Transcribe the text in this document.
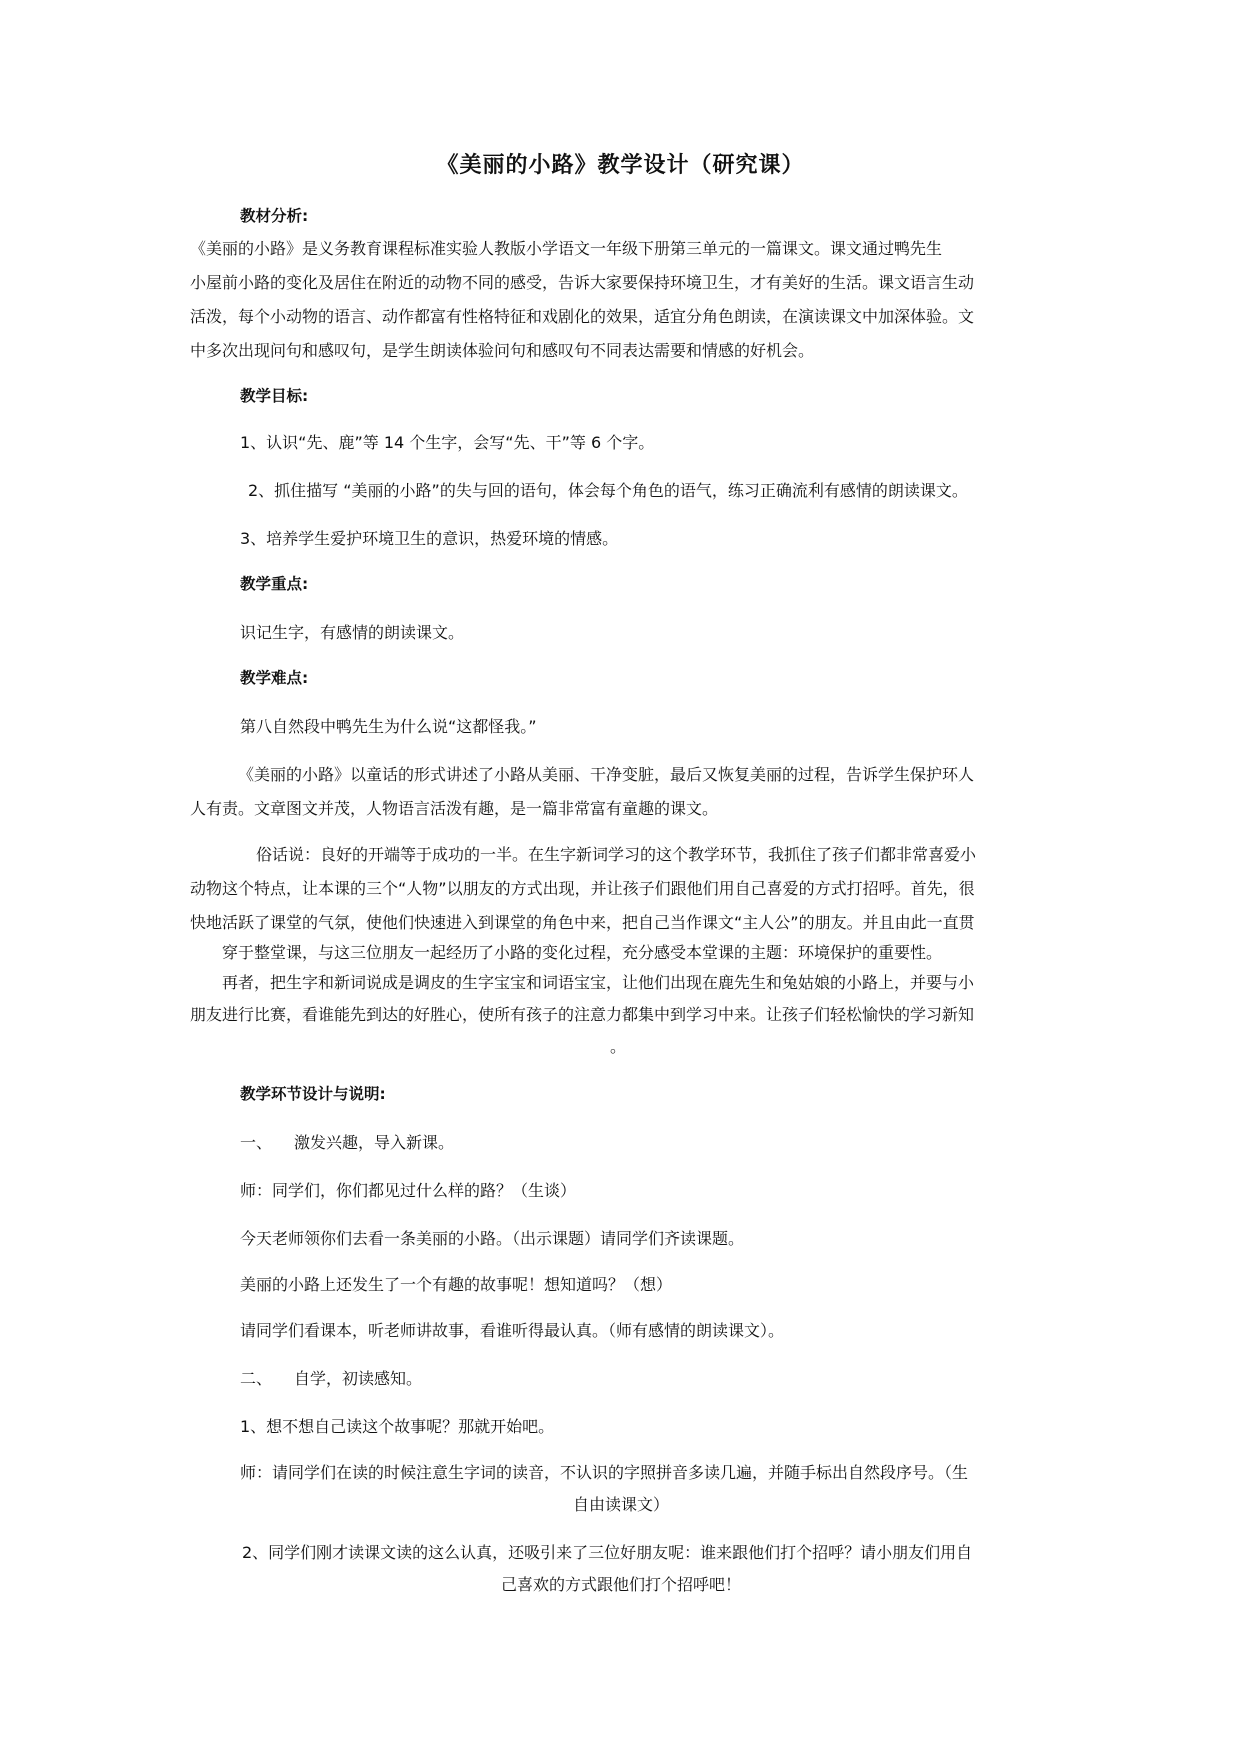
《美丽的小路》教学设计（研究课）
教材分析:
《美丽的小路》是义务教育课程标准实验人教版小学语文一年级下册第三单元的一篇课文。课文通过鸭先生
小屋前小路的变化及居住在附近的动物不同的感受，告诉大家要保持环境卫生，才有美好的生活。课文语言生动
活泼，每个小动物的语言、动作都富有性格特征和戏剧化的效果，适宜分角色朗读，在演读课文中加深体验。文
中多次出现问句和感叹句，是学生朗读体验问句和感叹句不同表达需要和情感的好机会。
教学目标:
1、认识“先、鹿”等 14 个生字，会写“先、干”等 6 个字。
2、抓住描写 “美丽的小路”的失与回的语句，体会每个角色的语气，练习正确流利有感情的朗读课文。
3、培养学生爱护环境卫生的意识，热爱环境的情感。
教学重点:
识记生字，有感情的朗读课文。
教学难点:
第八自然段中鸭先生为什么说“这都怪我。”
《美丽的小路》以童话的形式讲述了小路从美丽、干净变脏，最后又恢复美丽的过程，告诉学生保护环人
人有责。文章图文并茂，人物语言活泼有趣，是一篇非常富有童趣的课文。
俗话说：良好的开端等于成功的一半。在生字新词学习的这个教学环节，我抓住了孩子们都非常喜爱小
动物这个特点，让本课的三个“人物”以朋友的方式出现，并让孩子们跟他们用自己喜爱的方式打招呼。首先，很
快地活跃了课堂的气氛，使他们快速进入到课堂的角色中来，把自己当作课文“主人公”的朋友。并且由此一直贯
穿于整堂课，与这三位朋友一起经历了小路的变化过程，充分感受本堂课的主题：环境保护的重要性。
再者，把生字和新词说成是调皮的生字宝宝和词语宝宝，让他们出现在鹿先生和兔姑娘的小路上，并要与小
朋友进行比赛，看谁能先到达的好胜心，使所有孩子的注意力都集中到学习中来。让孩子们轻松愉快的学习新知
。
教学环节设计与说明:
一、 激发兴趣，导入新课。
师：同学们，你们都见过什么样的路？（生谈）
今天老师领你们去看一条美丽的小路。（出示课题）请同学们齐读课题。
美丽的小路上还发生了一个有趣的故事呢！想知道吗？（想）
请同学们看课本，听老师讲故事，看谁听得最认真。（师有感情的朗读课文）。
二、 自学，初读感知。
1、想不想自己读这个故事呢？那就开始吧。
师：请同学们在读的时候注意生字词的读音，不认识的字照拼音多读几遍，并随手标出自然段序号。（生
自由读课文）
2、同学们刚才读课文读的这么认真，还吸引来了三位好朋友呢：谁来跟他们打个招呼？请小朋友们用自
己喜欢的方式跟他们打个招呼吧！
